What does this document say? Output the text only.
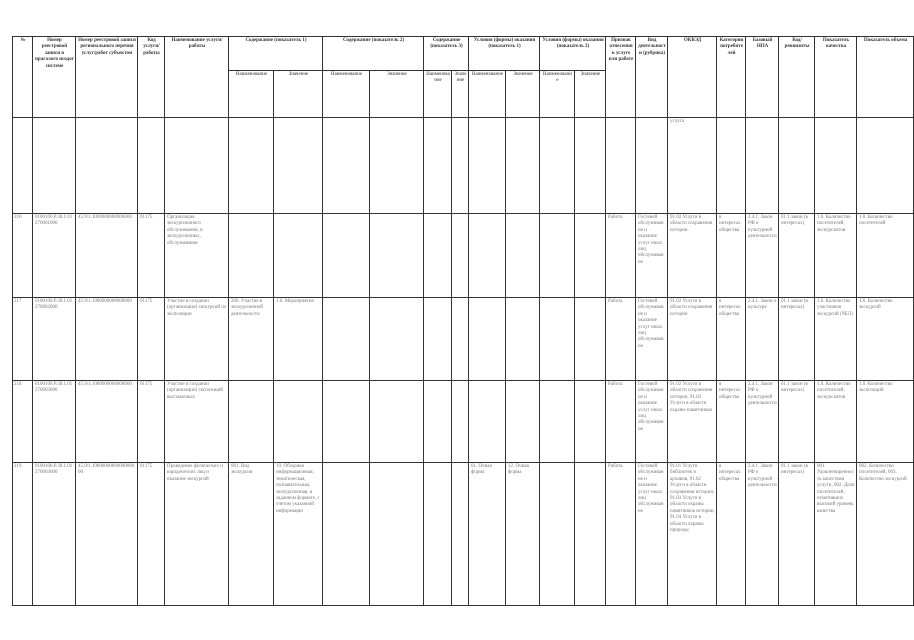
№	Номер реестровой записи в прагалого нсодог системе	Номер реестровой записи регионального перечня услуг/работ субъектом	Код услуги/работы	Наименование услуги/работы	Содержание (показатель 1)		Содержание (показатель 2)		Содержание (показатель 3)		Условия (формы) оказания (показатель 1)		Условия (формы) оказания (показатель 2)		Признак отнесения к услуге или работе	Вид деятельности (рубрика)	ОКВЭД	Категории потребителей	Базовый НПА	Код/реквизиты	Показатель качества	Показатель объема
					Наименование	Значение	Наименование	Значение	Наименование	Значение	Наименование	Значение	Наименование	Значение								
																	услуга					
216	0100100.P.38.1.01270001000	45.9/1.1000000000000000	01175	Организация экскурсионного обслуживания, и экскурсионных, обслуживания											Работа	Гостевой обслуживание и оказание услуг иных лиц обслуживание	91.02 Услуги в области сохранения истории	в интересах общества	2.4.1. Закон РФ о культурной деятельности	01.1 закон (в интересах)	1.0. Количество посетителей, экскурсантов	1.0. Количество посетителей
217	0100100.P.38.1.01270002000	45.9/1.1000000000000000	01175	Участие в создании (организации) экскурсий по экспозиции	200. Участие в экскурсионной деятельности	1.0. Мероприятия									Работа	Гостевой обслуживание и оказание услуг иных лиц обслуживание	91.02 Услуги в области сохранения истории	в интересах общества	2.4.1. Закон о культуре	01.1 закон (в интересах)	1.0. Количество участников экскурсий (ЧЕЛ)	1.0. Количество экскурсий
218	0100100.P.38.1.01270003000	45.9/1.1000000000000000	01175	Участие в создании (организации) экспозиций выставочных											Работа	Гостевой обслуживание и оказание услуг иных лиц обслуживание	91.02 Услуги в области сохранения истории, 91.03 Услуги в области охраны памятников	в интересах общества	2.4.1. Закон РФ о культурной деятельности	01.1 закон (в интересах)	1.0. Количество посетителей, экскурсантов	1.0. Количество экспозиций
219	0100100.P.38.1.01270004000	45.9/1.1000000000000000000	01175	Проведение физических и юридических лиц и оказание экскурсий	001. Вид экскурсии	10. Обзорная информационная, тематическая, познавательная, экскурсионная, в заданном формате, с учетом указанной информации					01. Очная форма	12. Очная форма			Работа	Гостевой обслуживание и оказание услуг иных лиц обслуживание	91.01 Услуги библиотек и архивов, 91.02 Услуги в области сохранения истории, 91.03 Услуги в области охраны памятников истории, 91.04 Услуги в области охраны природы	в интересах общества	2.4.1. Закон РФ о культурной деятельности	01.1 закон (в интересах)	001. Удовлетворенность качеством услуги, 002. Доля посетителей, отметивших высокий уровень качества	002. Количество посетителей, 003. Количество экскурсий
